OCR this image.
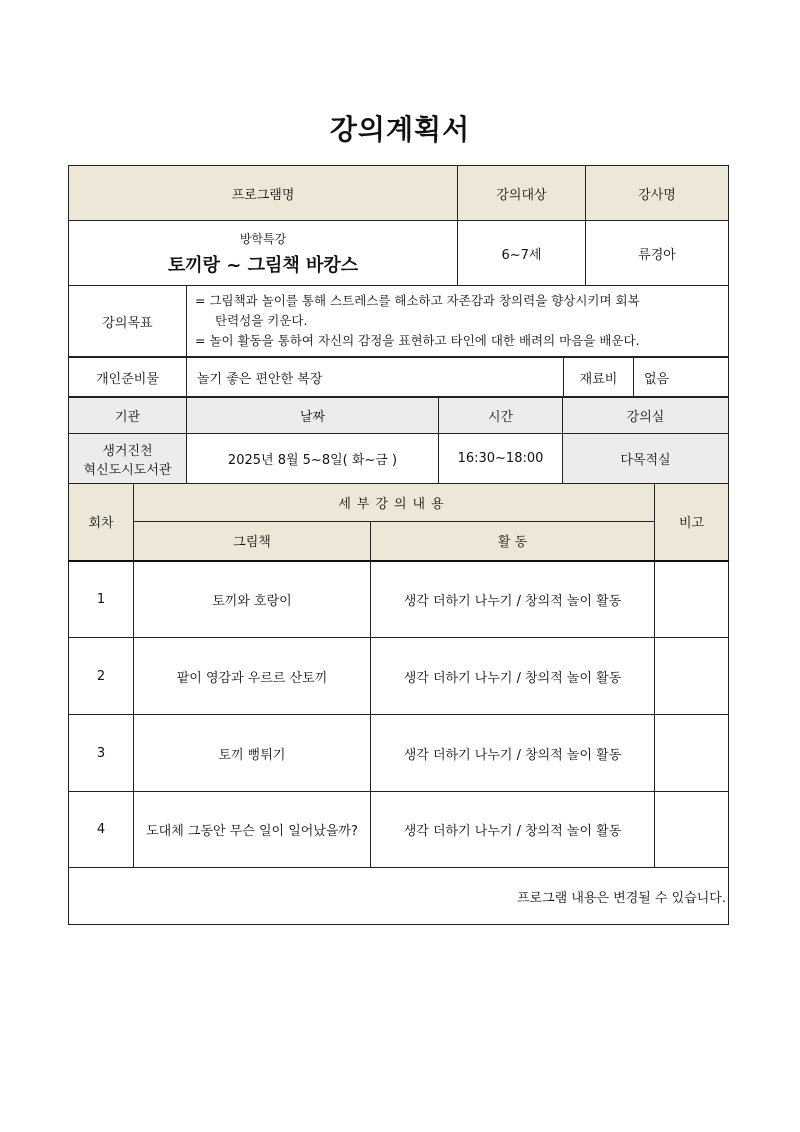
강의계획서
프로그램명	강의대상	강사명

방학특강
토끼랑 ~ 그림책 바캉스	6~7세	류경아
강의목표	
= 그림책과 놀이를 통해 스트레스를 해소하고 자존감과 창의력을 향상시키며 회복
탄력성을 키운다.
= 놀이 활동을 통하여 자신의 감정을 표현하고 타인에 대한 배려의 마음을 배운다.
개인준비물	놀기 좋은 편안한 복장	재료비	없음
기관	날짜	시간	강의실

생거진천
혁신도시도서관	2025년 8월 5~8일( 화~금 )	16:30~18:00	다목적실
회차	세부강의내용		비고
	그림책	활 동	
1	토끼와 호랑이	생각 더하기 나누기 / 창의적 놀이 활동	
2	팥이 영감과 우르르 산토끼	생각 더하기 나누기 / 창의적 놀이 활동	
3	토끼 뻥튀기	생각 더하기 나누기 / 창의적 놀이 활동	
4	도대체 그동안 무슨 일이 일어났을까?	생각 더하기 나누기 / 창의적 놀이 활동	
프로그램 내용은 변경될 수 있습니다.			
